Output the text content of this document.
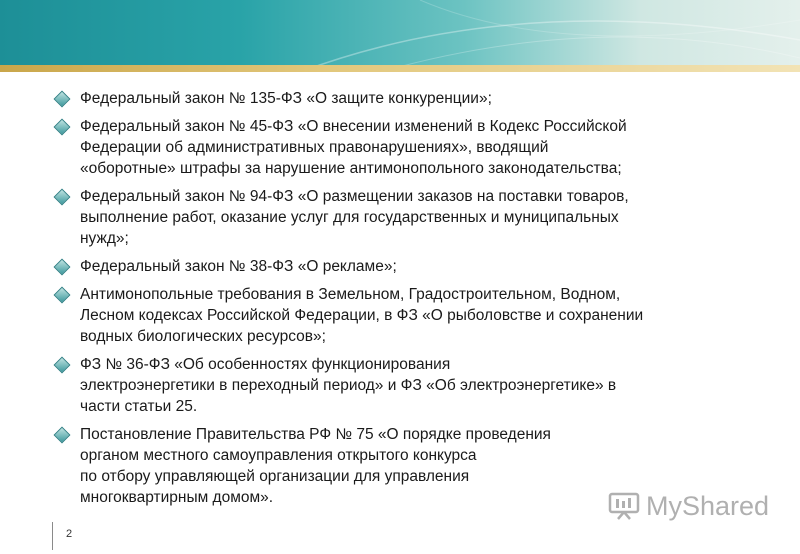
Федеральный закон № 135-ФЗ «О защите конкуренции»;
Федеральный закон № 45-ФЗ «О внесении изменений в Кодекс Российской
Федерации об административных правонарушениях», вводящий
«оборотные» штрафы за нарушение антимонопольного законодательства;
Федеральный закон № 94-ФЗ «О размещении заказов на поставки товаров,
выполнение работ, оказание услуг для государственных и муниципальных
нужд»;
Федеральный закон № 38-ФЗ «О рекламе»;
Антимонопольные требования в Земельном, Градостроительном, Водном,
Лесном кодексах Российской Федерации, в ФЗ «О рыболовстве и сохранении
водных биологических ресурсов»;
ФЗ № 36-ФЗ «Об особенностях функционирования
электроэнергетики в переходный период» и ФЗ «Об электроэнергетике» в
части статьи 25.
Постановление Правительства РФ № 75 «О порядке проведения
органом местного самоуправления открытого конкурса
по отбору управляющей организации для управления
многоквартирным домом».	MyShared
2
